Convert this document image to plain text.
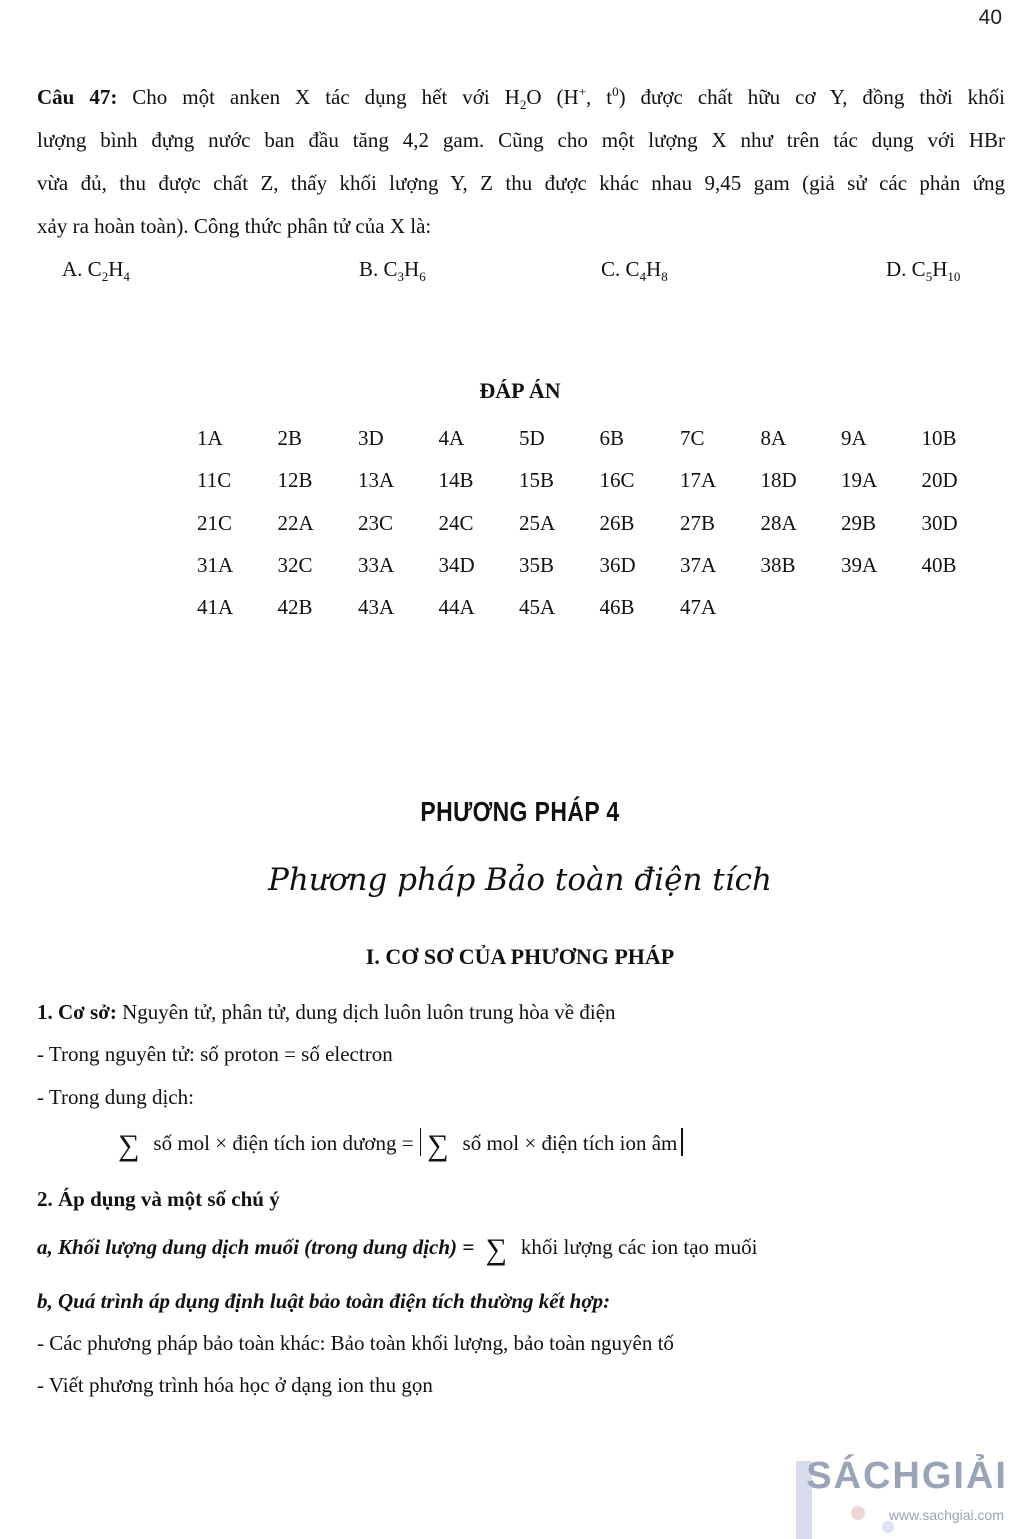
40
Câu 47: Cho một anken X tác dụng hết với $H_2O$ (H+, $t^0$) được chất hữu cơ Y, đồng thời khối
lượng bình đựng nước ban đầu tăng 4,2 gam. Cũng cho một lượng X như trên tác dụng với HBr
vừa đủ, thu được chất Z, thấy khối lượng Y, Z thu được khác nhau 9,45 gam (giả sử các phản ứng
xảy ra hoàn toàn). Công thức phân tử của X là:
A. $C_2H_4$	B. $C_3H_6$	C. $C_4H_8$	D. $C_5H_{10}$
ĐÁP ÁN
1A	2B	3D	4A	5D	6B	7C	8A	9A	10B
11C 12B 13A 14B 15B 16C 17A 18D 19A 20D
21C 22A 23C 24C 25A 26B 27B 28A 29B 30D
31A 32C 33A 34D 35B 36D 37A 38B 39A 40B
41A 42B 43A 44A 45A 46B 47A
PHƯƠNG PHÁP 4
Phương pháp Bảo toàn điện tích
I. CƠ SƠ CỦA PHƯƠNG PHÁP
1. Cơ sở: Nguyên tử, phân tử, dung dịch luôn luôn trung hòa về điện
- Trong nguyên tử: số proton = số electron
- Trong dung dịch:
∑ số mol × điện tích ion dương = ∑ số mol × điện tích ion âm
2. Áp dụng và một số chú ý
a, Khối lượng dung dịch muối (trong dung dịch) = ∑ khối lượng các ion tạo muối
b, Quá trình áp dụng định luật bảo toàn điện tích thường kết hợp:
- Các phương pháp bảo toàn khác: Bảo toàn khối lượng, bảo toàn nguyên tố
- Viết phương trình hóa học ở dạng ion thu gọn
SÁCHGIẢI
www.sachgiai.com
